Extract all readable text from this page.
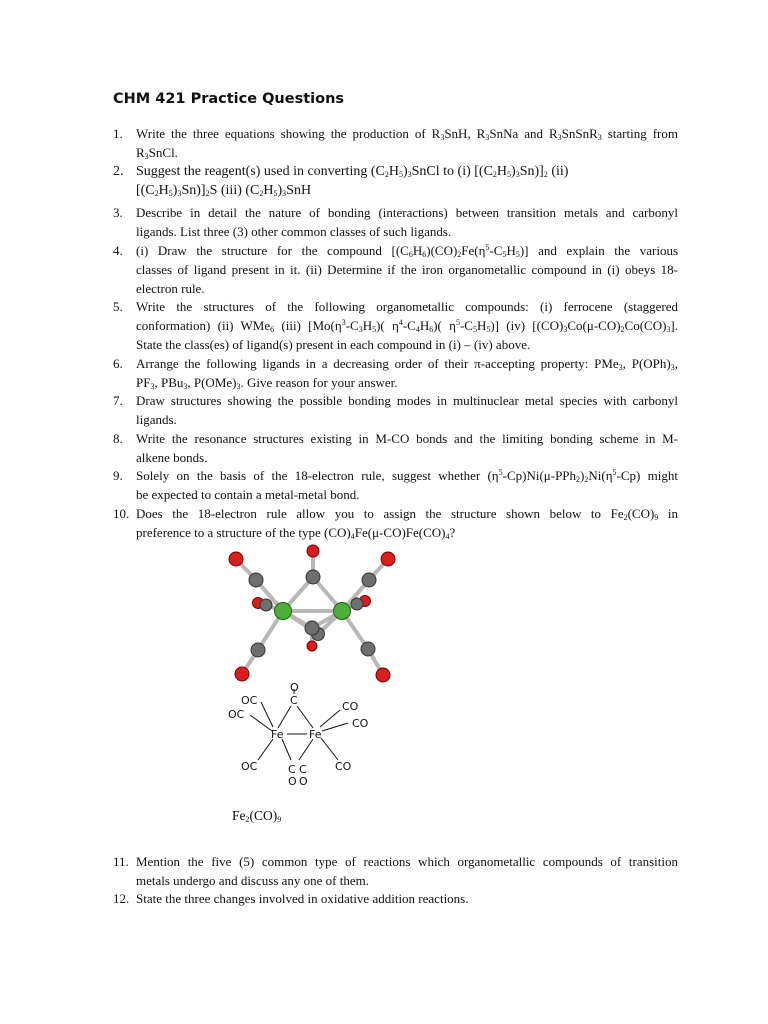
CHM 421 Practice Questions
1. Write the three equations showing the production of $R_3SnH$, $R_3SnNa$ and $R_3SnSnR_3$ starting from
$R_3SnCl$.
2. Suggest the reagent(s) used in converting $(C_2H_5)_3SnCl$ to (i) $[(C_2H_5)_3Sn)]_2$ (ii)
$[(C_2H_5)_3Sn)]_2S$ (iii) $(C_2H_5)_3SnH$
3. Describe in detail the nature of bonding (interactions) between transition metals and carbonyl
ligands. List three (3) other common classes of such ligands.
4. (i) Draw the structure for the compound $[(C_6H_6)(CO)_2Fe(\eta^5-C_5H_5)]$ and explain the various
classes of ligand present in it. (ii) Determine if the iron organometallic compound in (i) obeys 18-
electron rule.
5. Write the structures of the following organometallic compounds: (i) ferrocene (staggered
conformation) (ii) WMe$_6$ (iii) [$Mo(\eta^3-C_3H_5)$( $\eta^4-C_4H_6$)( $\eta^5-C_5H_5$)] (iv) $[(CO)_3Co(\mu-CO)_2Co(CO)_3]$.
State the class(es) of ligand(s) present in each compound in (i) – (iv) above.
6. Arrange the following ligands in a decreasing order of their π-accepting property: PMe$_3$, $P(OPh)_3$,
$PF_3$, PBu$_3$, $P(OMe)_3$. Give reason for your answer.
7. Draw structures showing the possible bonding modes in multinuclear metal species with carbonyl
ligands.
8. Write the resonance structures existing in M-CO bonds and the limiting bonding scheme in M-
alkene bonds.
9. Solely on the basis of the 18-electron rule, suggest whether $(\eta^5-Cp)Ni(\mu-PPh_2)_2Ni(\eta^5-Cp)$ might
be expected to contain a metal-metal bond.
10. Does the 18-electron rule allow you to assign the structure shown below to $Fe_2(CO)_9$ in
preference to a structure of the type $(CO)_4Fe(\mu-CO)Fe(CO)_4$?
O
C
OC
OC
CO
CO
Fe Fe
OC	C C
O O
CO
$Fe_2(CO)_9$
11. Mention the five (5) common type of reactions which organometallic compounds of transition
metals undergo and discuss any one of them.
12. State the three changes involved in oxidative addition reactions.
